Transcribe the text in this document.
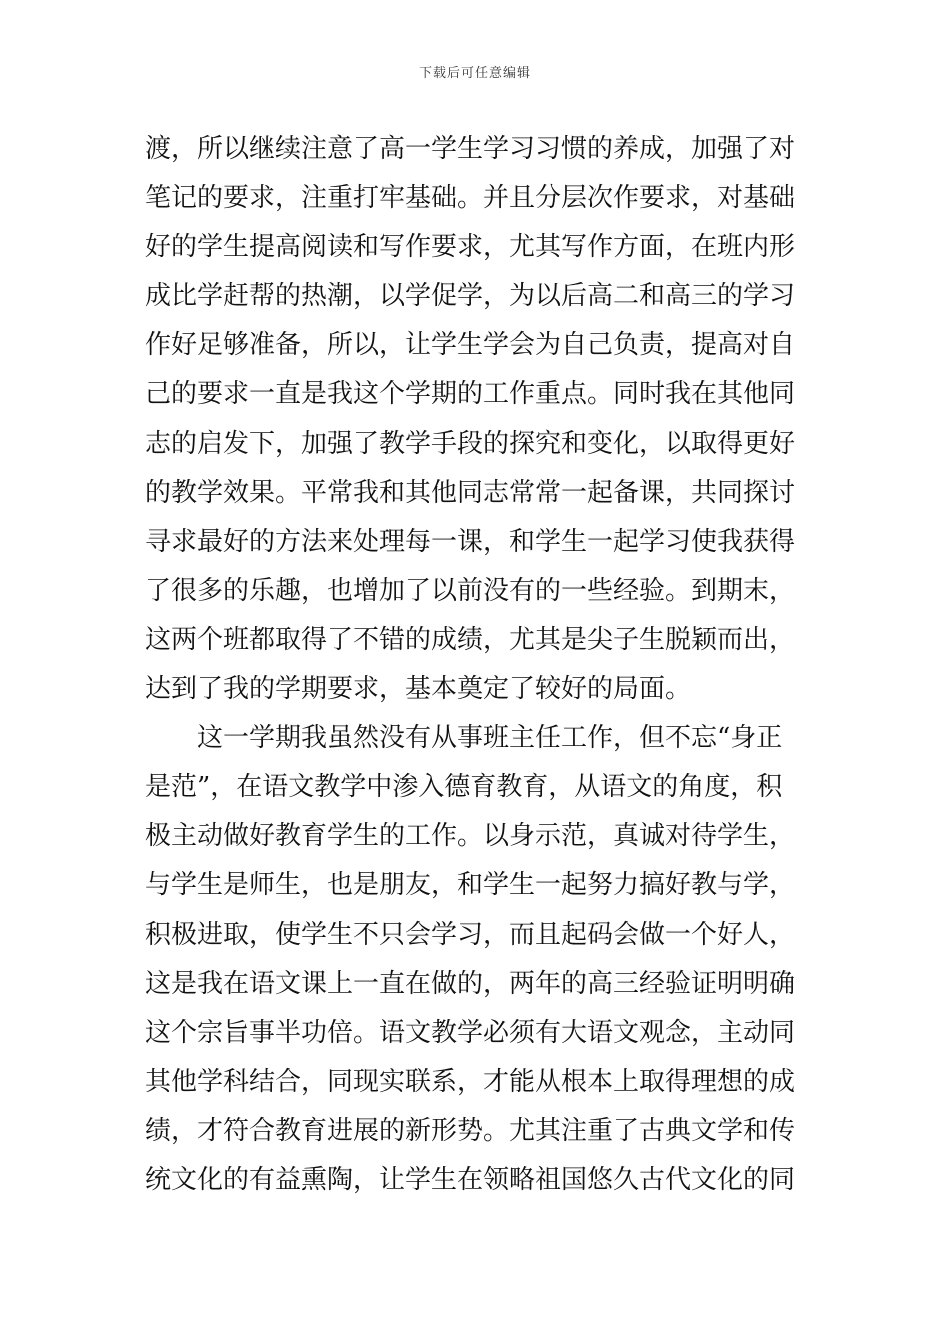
下载后可任意编辑
渡，所以继续注意了高一学生学习习惯的养成，加强了对
笔记的要求，注重打牢基础。并且分层次作要求，对基础
好的学生提高阅读和写作要求，尤其写作方面，在班内形
成比学赶帮的热潮，以学促学，为以后高二和高三的学习
作好足够准备，所以，让学生学会为自己负责，提高对自
己的要求一直是我这个学期的工作重点。同时我在其他同
志的启发下，加强了教学手段的探究和变化，以取得更好
的教学效果。平常我和其他同志常常一起备课，共同探讨
寻求最好的方法来处理每一课，和学生一起学习使我获得
了很多的乐趣，也增加了以前没有的一些经验。到期末，
这两个班都取得了不错的成绩，尤其是尖子生脱颖而出，
达到了我的学期要求，基本奠定了较好的局面。
这一学期我虽然没有从事班主任工作，但不忘“身正
是范”，在语文教学中渗入德育教育，从语文的角度，积
极主动做好教育学生的工作。以身示范，真诚对待学生，
与学生是师生，也是朋友，和学生一起努力搞好教与学，
积极进取，使学生不只会学习，而且起码会做一个好人，
这是我在语文课上一直在做的，两年的高三经验证明明确
这个宗旨事半功倍。语文教学必须有大语文观念，主动同
其他学科结合，同现实联系，才能从根本上取得理想的成
绩，才符合教育进展的新形势。尤其注重了古典文学和传
统文化的有益熏陶，让学生在领略祖国悠久古代文化的同
